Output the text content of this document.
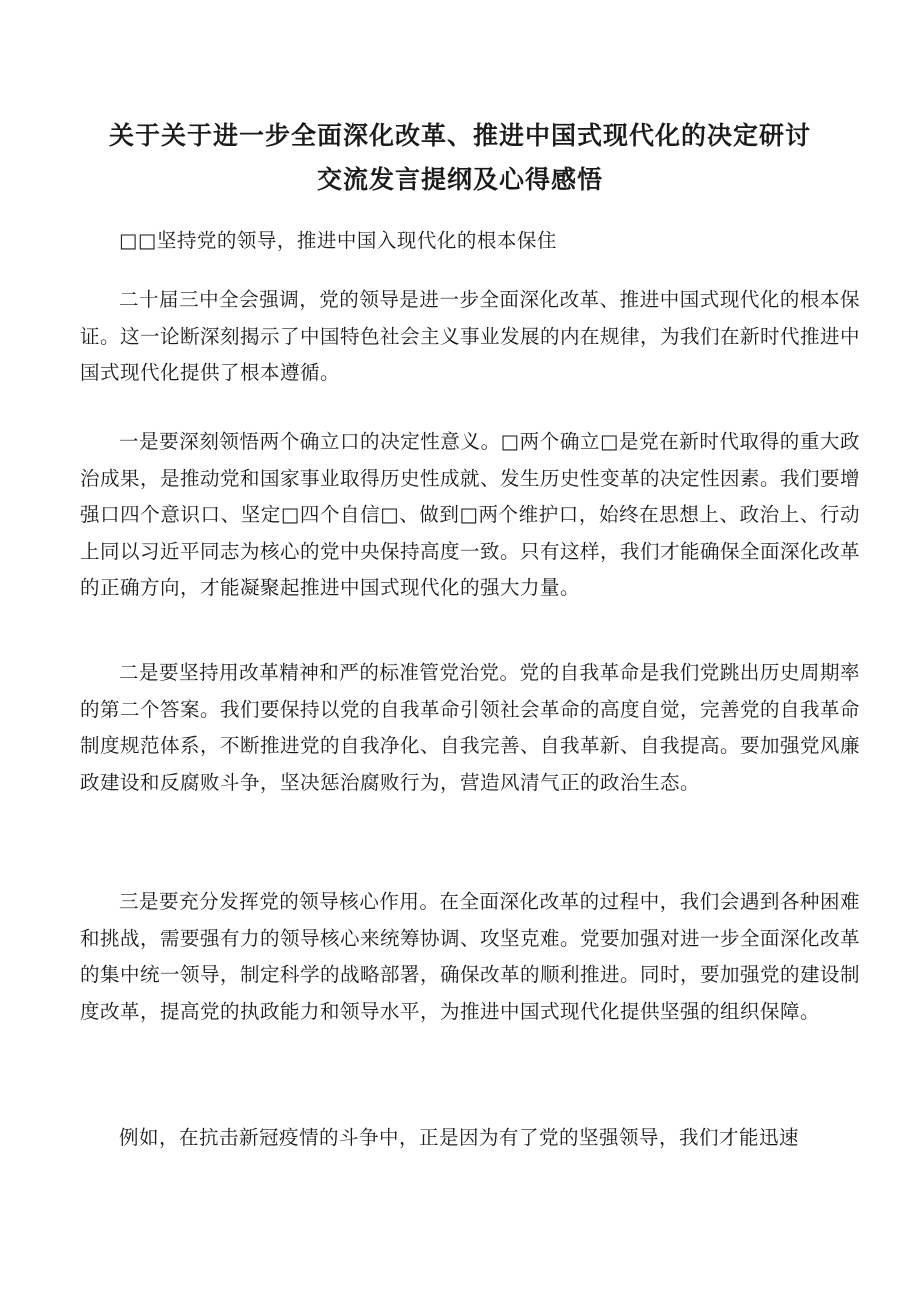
关于关于进一步全面深化改革、推进中国式现代化的决定研讨
交流发言提纲及心得感悟

□□坚持党的领导，推进中国入现代化的根本保住

二十届三中全会强调，党的领导是进一步全面深化改革、推进中国式现代化的根本保证。这一论断深刻揭示了中国特色社会主义事业发展的内在规律，为我们在新时代推进中国式现代化提供了根本遵循。

一是要深刻领悟两个确立口的决定性意义。□两个确立□是党在新时代取得的重大政治成果，是推动党和国家事业取得历史性成就、发生历史性变革的决定性因素。我们要增强口四个意识口、坚定□四个自信□、做到□两个维护口，始终在思想上、政治上、行动上同以习近平同志为核心的党中央保持高度一致。只有这样，我们才能确保全面深化改革的正确方向，才能凝聚起推进中国式现代化的强大力量。

二是要坚持用改革精神和严的标准管党治党。党的自我革命是我们党跳出历史周期率的第二个答案。我们要保持以党的自我革命引领社会革命的高度自觉，完善党的自我革命制度规范体系，不断推进党的自我净化、自我完善、自我革新、自我提高。要加强党风廉政建设和反腐败斗争，坚决惩治腐败行为，营造风清气正的政治生态。

三是要充分发挥党的领导核心作用。在全面深化改革的过程中，我们会遇到各种困难和挑战，需要强有力的领导核心来统筹协调、攻坚克难。党要加强对进一步全面深化改革的集中统一领导，制定科学的战略部署，确保改革的顺利推进。同时，要加强党的建设制度改革，提高党的执政能力和领导水平，为推进中国式现代化提供坚强的组织保障。

例如，在抗击新冠疫情的斗争中，正是因为有了党的坚强领导，我们才能迅速
